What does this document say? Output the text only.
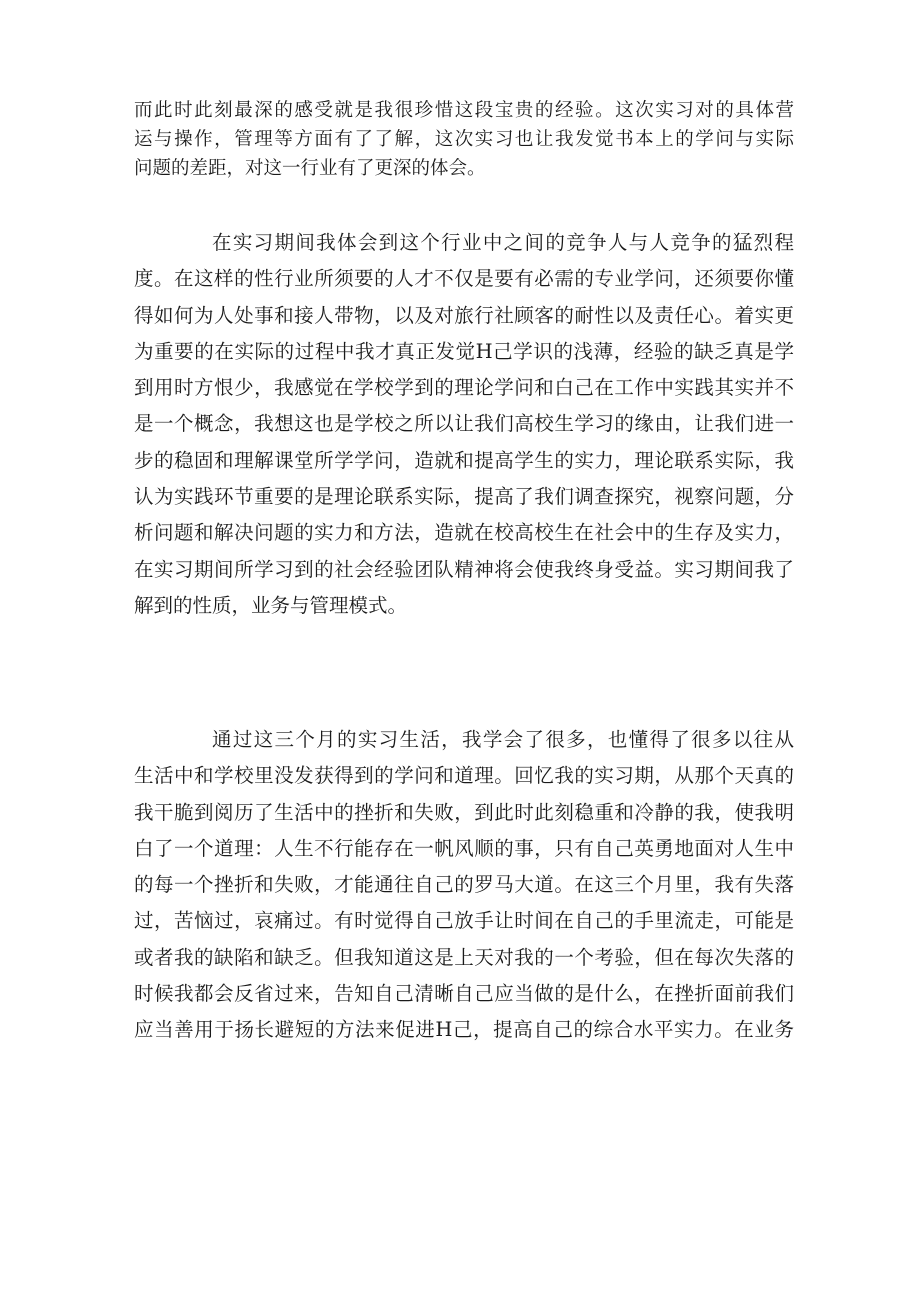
而此时此刻最深的感受就是我很珍惜这段宝贵的经验。这次实习对的具体营
运与操作，管理等方面有了了解，这次实习也让我发觉书本上的学问与实际
问题的差距，对这一行业有了更深的体会。
在实习期间我体会到这个行业中之间的竞争人与人竞争的猛烈程
度。在这样的性行业所须要的人才不仅是要有必需的专业学问，还须要你懂
得如何为人处事和接人带物，以及对旅行社顾客的耐性以及责任心。着实更
为重要的在实际的过程中我才真正发觉H己学识的浅薄，经验的缺乏真是学
到用时方恨少，我感觉在学校学到的理论学问和白己在工作中实践其实并不
是一个概念，我想这也是学校之所以让我们高校生学习的缘由，让我们进一
步的稳固和理解课堂所学学问，造就和提高学生的实力，理论联系实际，我
认为实践环节重要的是理论联系实际，提高了我们调查探究，视察问题，分
析问题和解决问题的实力和方法，造就在校高校生在社会中的生存及实力，
在实习期间所学习到的社会经验团队精神将会使我终身受益。实习期间我了
解到的性质，业务与管理模式。
通过这三个月的实习生活，我学会了很多，也懂得了很多以往从
生活中和学校里没发获得到的学问和道理。回忆我的实习期，从那个天真的
我干脆到阅历了生活中的挫折和失败，到此时此刻稳重和冷静的我，使我明
白了一个道理：人生不行能存在一帆风顺的事，只有自己英勇地面对人生中
的每一个挫折和失败，才能通往自己的罗马大道。在这三个月里，我有失落
过，苦恼过，哀痛过。有时觉得自己放手让时间在自己的手里流走，可能是
或者我的缺陷和缺乏。但我知道这是上天对我的一个考验，但在每次失落的
时候我都会反省过来，告知自己清晰自己应当做的是什么，在挫折面前我们
应当善用于扬长避短的方法来促进H己，提高自己的综合水平实力。在业务
